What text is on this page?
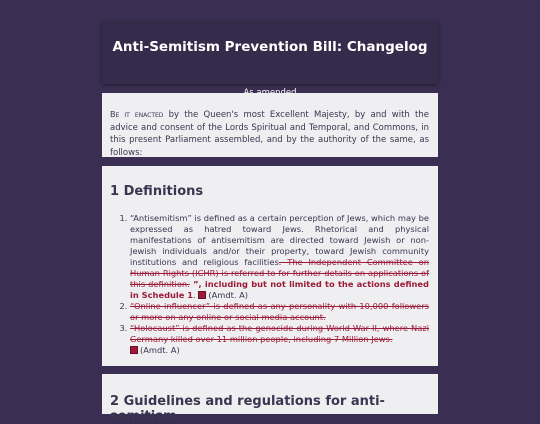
Anti-Semitism Prevention Bill: Changelog

Be it enacted by the Queen's most Excellent Majesty, by and with the advice and consent of the Lords Spiritual and Temporal, and Commons, in this present Parliament assembled, and by the authority of the same, as follows:
1 Definitions
1. “Antisemitism” is defined as a certain perception of Jews, which may be expressed as hatred toward Jews. Rhetorical and physical manifestations of antisemitism are directed toward Jewish or non-Jewish individuals and/or their property, toward Jewish community institutions and religious facilities. The Independent Committee on Human Rights (ICHR) is referred to for further details on applications of this definition. ”, including but not limited to the actions defined in Schedule 1. (Amdt. A)
2. “Online influencer” is defined as any personality with 10,000 followers or more on any online or social media account.
3. “Holocaust” is defined as the genocide during World War II, where Nazi Germany killed over 11 million people, including 7 Million Jews.
(Amdt. A)
2 Guidelines and regulations for anti-semitism
